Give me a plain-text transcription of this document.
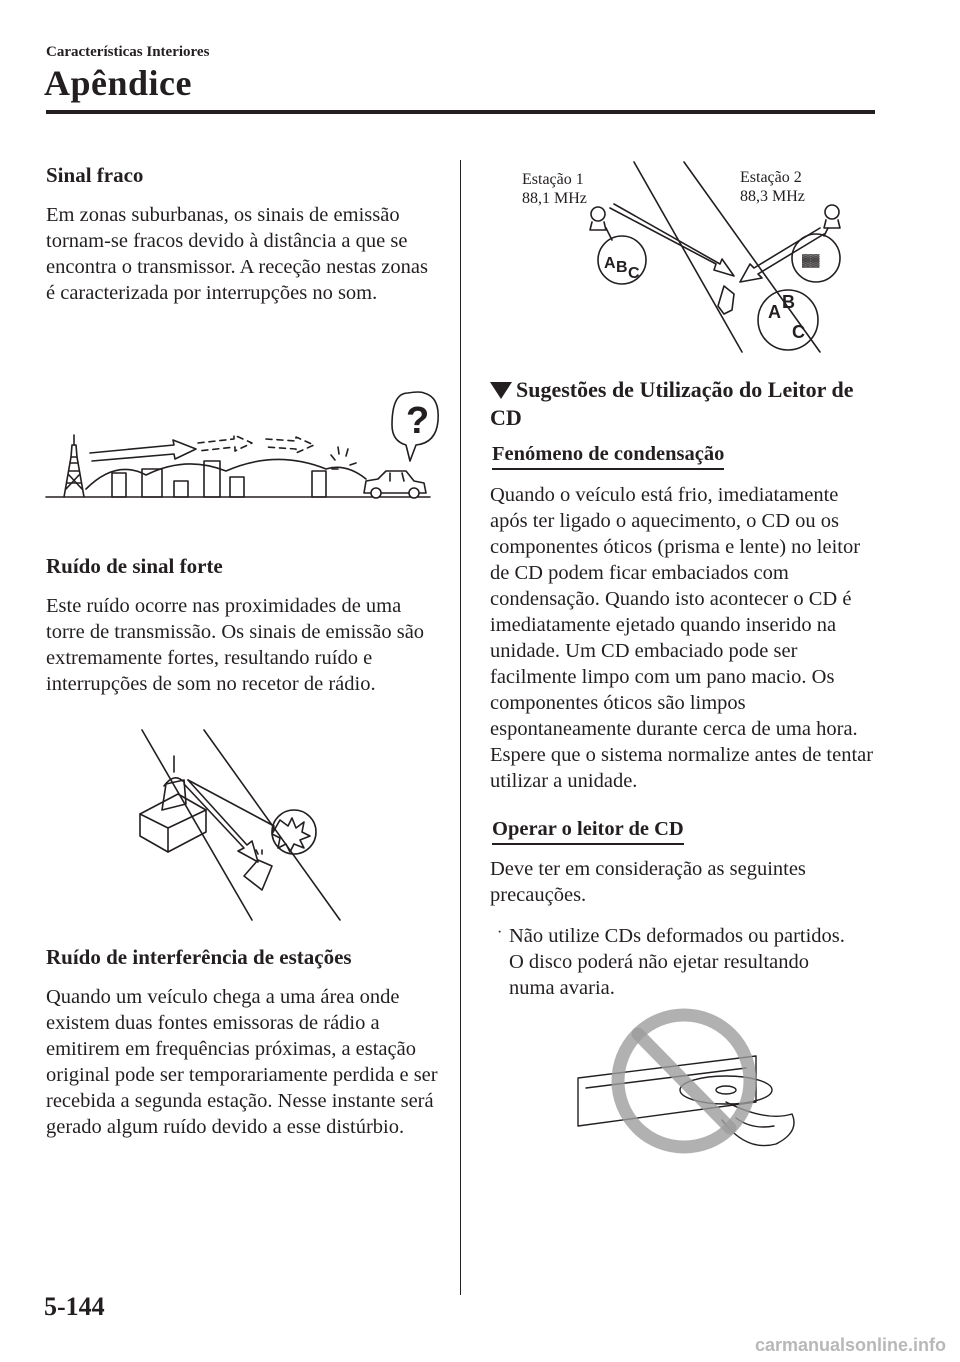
Características Interiores
Apêndice
Sinal fraco
Em zonas suburbanas, os sinais de emissão tornam-se fracos devido à distância a que se encontra o transmissor. A receção nestas zonas é caracterizada por interrupções no som.
?
Ruído de sinal forte
Este ruído ocorre nas proximidades de uma torre de transmissão. Os sinais de emissão são extremamente fortes, resultando ruído e interrupções de som no recetor de rádio.
Ruído de interferência de estações
Quando um veículo chega a uma área onde existem duas fontes emissoras de rádio a emitirem em frequências próximas, a estação original pode ser temporariamente perdida e ser recebida a segunda estação. Nesse instante será gerado algum ruído devido a esse distúrbio.
A B C
A B
C
▓▓
Estação 1
88,1 MHz
Estação 2
88,3 MHz
Sugestões de Utilização do Leitor de CD
Fenómeno de condensação
Quando o veículo está frio, imediatamente após ter ligado o aquecimento, o CD ou os componentes óticos (prisma e lente) no leitor de CD podem ficar embaciados com condensação. Quando isto acontecer o CD é imediatamente ejetado quando inserido na unidade. Um CD embaciado pode ser facilmente limpo com um pano macio. Os componentes óticos são limpos espontaneamente durante cerca de uma hora. Espere que o sistema normalize antes de tentar utilizar a unidade.
Operar o leitor de CD
Deve ter em consideração as seguintes precauções.
· Não utilize CDs deformados ou partidos. O disco poderá não ejetar resultando numa avaria.
5-144
carmanualsonline.info
